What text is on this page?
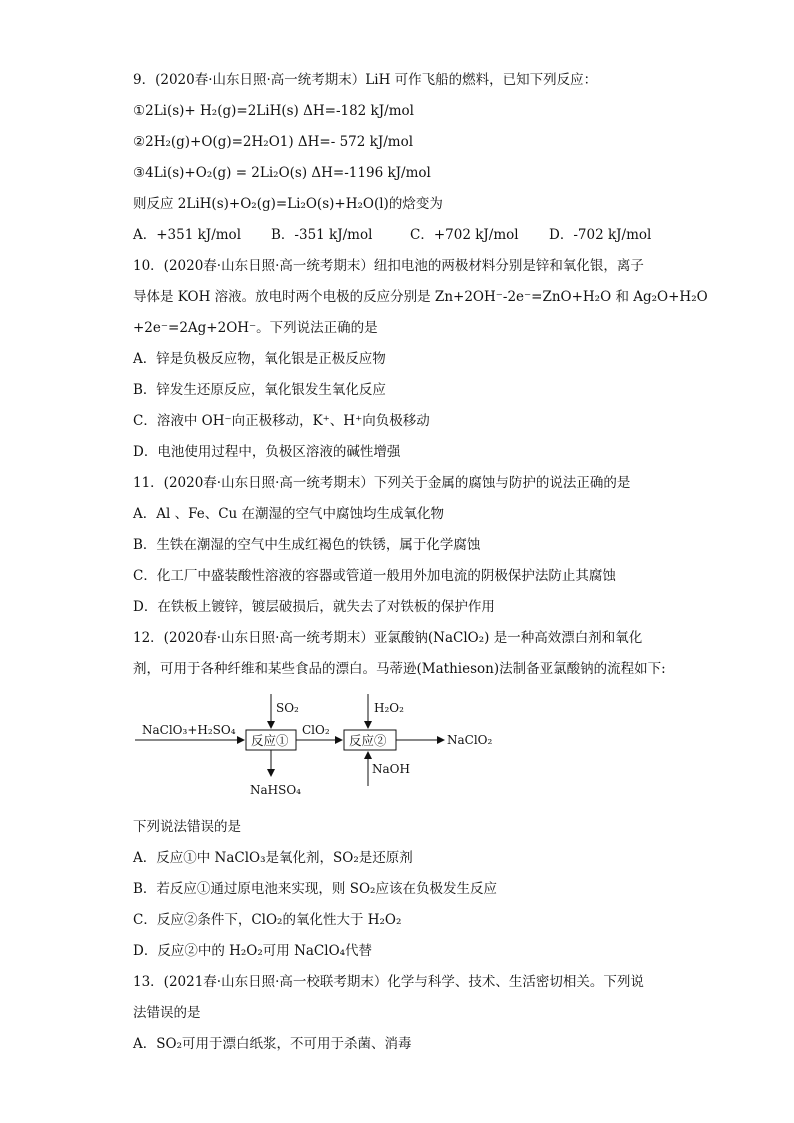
9．(2020春·山东日照·高一统考期末）LiH 可作飞船的燃料，已知下列反应：
①2Li(s)+ H₂(g)=2LiH(s) ΔH=-182 kJ/mol
②2H₂(g)+O(g)=2H₂O1) ΔH=- 572 kJ/mol
③4Li(s)+O₂(g) = 2Li₂O(s) ΔH=-1196 kJ/mol
则反应 2LiH(s)+O₂(g)=Li₂O(s)+H₂O(l)的焓变为
A．+351 kJ/mol B．-351 kJ/mol	C．+702 kJ/mol D．-702 kJ/mol
10．(2020春·山东日照·高一统考期末）纽扣电池的两极材料分别是锌和氧化银，离子
导体是 KOH 溶液。放电时两个电极的反应分别是 Zn+2OH⁻-2e⁻=ZnO+H₂O 和 Ag₂O+H₂O
+2e⁻=2Ag+2OH⁻。下列说法正确的是
A．锌是负极反应物，氧化银是正极反应物
B．锌发生还原反应，氧化银发生氧化反应
C．溶液中 OH⁻向正极移动，K⁺、H⁺向负极移动
D．电池使用过程中，负极区溶液的碱性增强
11．(2020春·山东日照·高一统考期末）下列关于金属的腐蚀与防护的说法正确的是
A．Al 、Fe、Cu 在潮湿的空气中腐蚀均生成氧化物
B．生铁在潮湿的空气中生成红褐色的铁锈，属于化学腐蚀
C．化工厂中盛装酸性溶液的容器或管道一般用外加电流的阴极保护法防止其腐蚀
D．在铁板上镀锌，镀层破损后，就失去了对铁板的保护作用
12．(2020春·山东日照·高一统考期末）亚氯酸钠(NaClO₂) 是一种高效漂白剂和氧化
剂，可用于各种纤维和某些食品的漂白。马蒂逊(Mathieson)法制备亚氯酸钠的流程如下:
NaClO₃+H₂SO₄
反应①
SO₂
NaHSO₄
ClO₂
反应②
H₂O₂
NaOH
NaClO₂
下列说法错误的是
A．反应①中 NaClO₃是氧化剂，SO₂是还原剂
B．若反应①通过原电池来实现，则 SO₂应该在负极发生反应
C．反应②条件下，ClO₂的氧化性大于 H₂O₂
D．反应②中的 H₂O₂可用 NaClO₄代替
13．(2021春·山东日照·高一校联考期末）化学与科学、技术、生活密切相关。下列说
法错误的是
A．SO₂可用于漂白纸浆，不可用于杀菌、消毒
